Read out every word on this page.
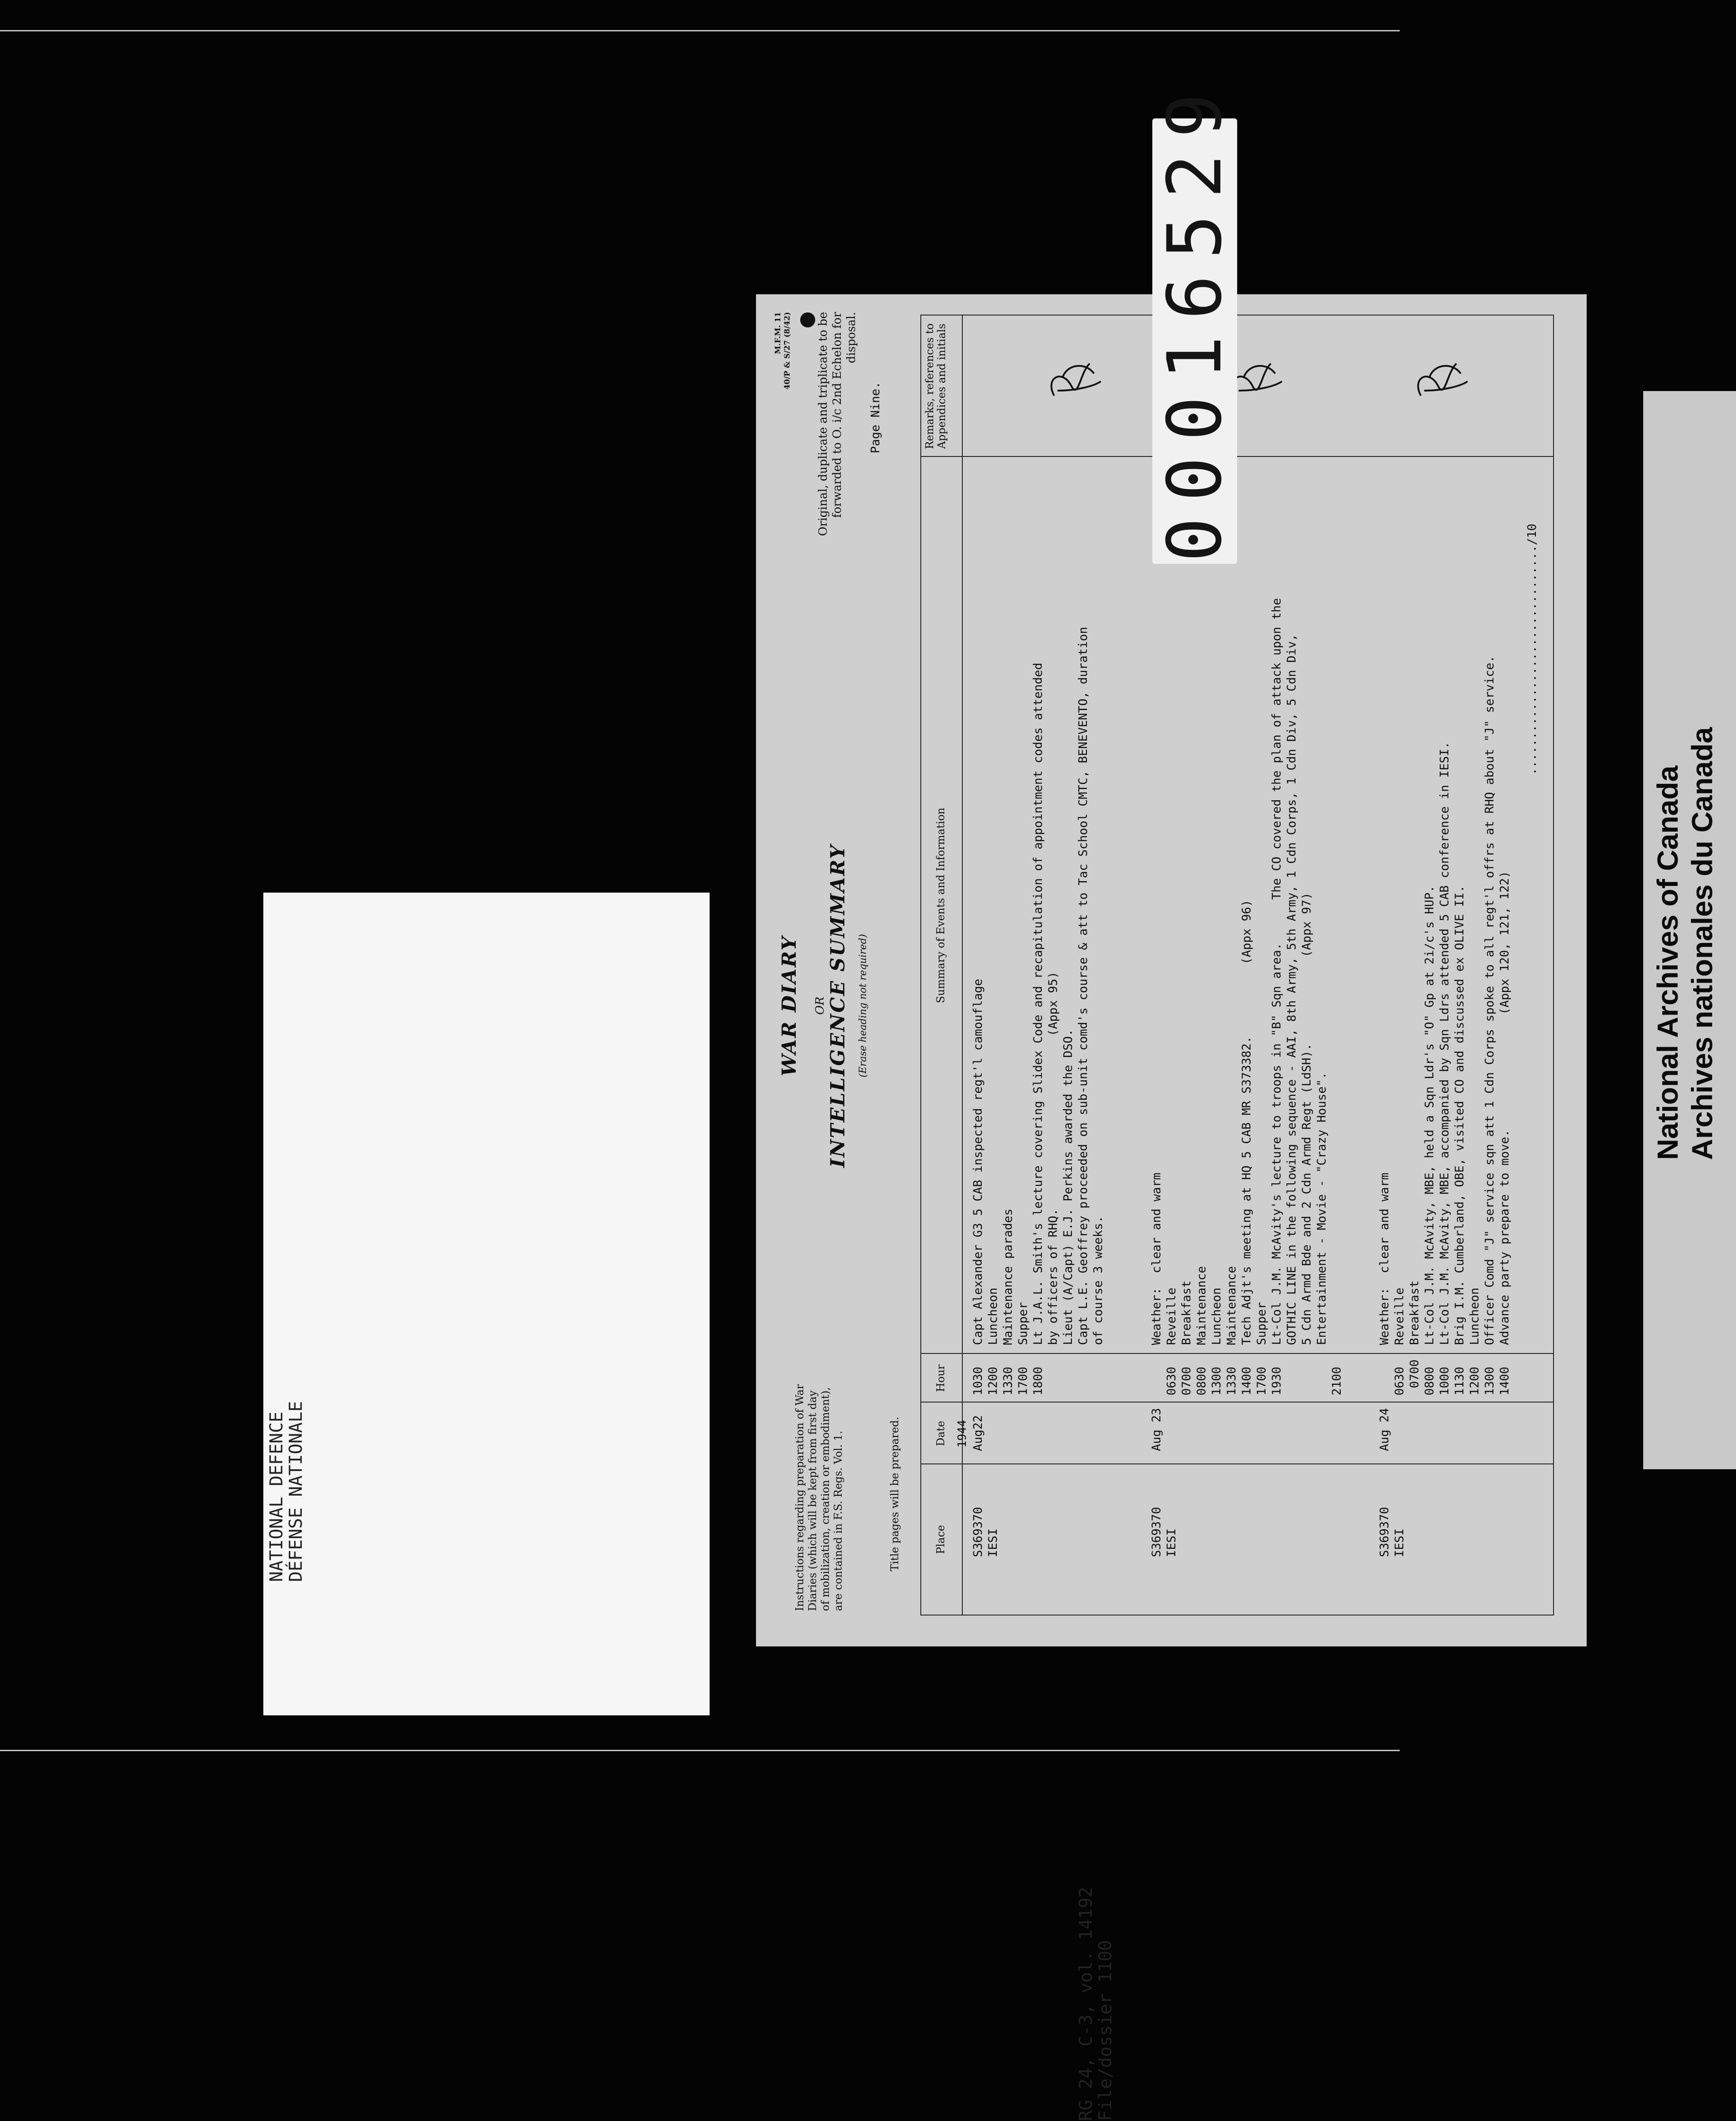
Instructions regarding preparation of War Diaries (which will be kept from first day of mobilization, creation or embodiment), are contained in F.S. Regs. Vol. 1.	Title pages will be prepared.
WAR DIARY OR INTELLIGENCE SUMMARY (Erase heading not required)
M.F.M. 11 40/P & S/27 (8/42) Original, duplicate and triplicate to be forwarded to O. i/c 2nd Echelon for disposal.
Page Nine.
Place
Date
Hour
Summary of Events and Information
Remarks, references to Appendices and initials
1944
S369370
IESI
Aug22
1030
1200
1330
1700
1800
Capt Alexander G3 5 CAB inspected regt'l camouflage
Luncheon
Maintenance parades
Supper
Lt J.A.L. Smith's lecture covering Slidex Code and recapitulation of appointment codes attended
by officers of RHQ.                        (Appx 95)
Lieut (A/Capt) E.J. Perkins awarded the DSO.
Capt L.E. Geoffrey proceeded on sub-unit comd's course & att to Tac School CMTC, BENEVENTO, duration
of course 3 weeks.
S369370
IESI
Aug 23

0630
0700
0800
1300
1330
1400
1700
1930

2100
Weather:  clear and warm
Reveille
Breakfast
Maintenance
Luncheon
Maintenance
Tech Adjt's meeting at HQ 5 CAB MR S373382.          (Appx 96)
Supper
Lt-Col J.M. McAvity's lecture to troops in "B" Sqn area.      The CO covered the plan of attack upon the
GOTHIC LINE in the following sequence - AAI, 8th Army, 5th Army, 1 Cdn Corps, 1 Cdn Div, 5 Cdn Div,
5 Cdn Armd Bde and 2 Cdn Armd Regt (LdSH).            (Appx 97)
Entertainment - Movie - "Crazy House".
S369370
IESI
Aug 24

0630
0700
0800
1000
1130
1200
1300
1400
Weather:  clear and warm
Reveille
Breakfast
Lt-Col J.M. McAvity, MBE, held a Sqn Ldr's "O" Gp at 2i/c's HUP.
Lt-Col J.M. McAvity, MBE, accompanied by Sqn Ldrs attended 5 CAB conference in IESI.
Brig I.M. Cumberland, OBE, visited CO and discussed ex OLIVE II.
Luncheon
Officer Comd "J" service sqn att 1 Cdn Corps spoke to all regt'l offrs at RHQ about "J" service.
Advance party prepare to move.                (Appx 120, 121, 122)
................................/10
NATIONAL DEFENCE
DÉFENSE NATIONALE
RG 24, C-3, vol. 14192
File/dossier 1100
National Archives of Canada Archives nationales du Canada
00016529
